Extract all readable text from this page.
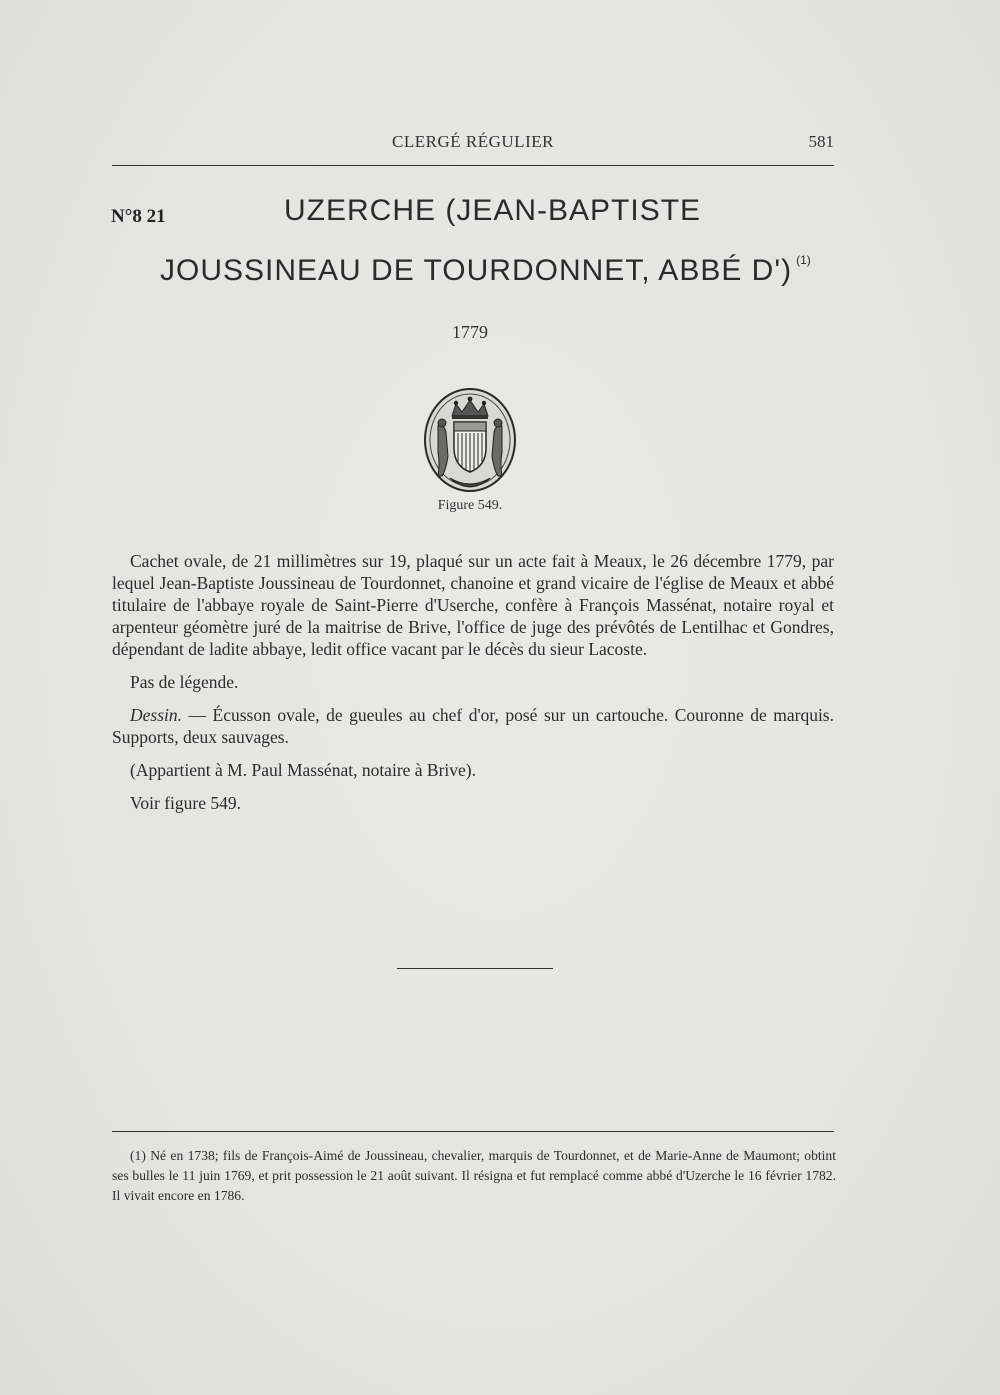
CLERGÉ RÉGULIER	581
N°8 21	UZERCHE (JEAN-BAPTISTE
JOUSSINEAU DE TOURDONNET, ABBÉ D') $^{(1)}$
1779
Figure 549.

Cachet ovale, de 21 millimètres sur 19, plaqué sur un acte fait à Meaux, le 26 décembre 1779, par lequel Jean-Baptiste Joussineau de Tourdonnet, chanoine et grand vicaire de l'église de Meaux et abbé titulaire de l'abbaye royale de Saint-Pierre d'Userche, confère à François Massénat, notaire royal et arpenteur géomètre juré de la maitrise de Brive, l'office de juge des prévôtés de Lentilhac et Gondres, dépendant de ladite abbaye, ledit office vacant par le décès du sieur Lacoste.

Pas de légende.

Dessin. — Écusson ovale, de gueules au chef d'or, posé sur un cartouche. Couronne de marquis. Supports, deux sauvages.

(Appartient à M. Paul Massénat, notaire à Brive).

Voir figure 549.

(1) Né en 1738; fils de François-Aimé de Joussineau, chevalier, marquis de Tourdonnet, et de Marie-Anne de Maumont; obtint ses bulles le 11 juin 1769, et prit possession le 21 août suivant. Il résigna et fut remplacé comme abbé d'Uzerche le 16 février 1782. Il vivait encore en 1786.
